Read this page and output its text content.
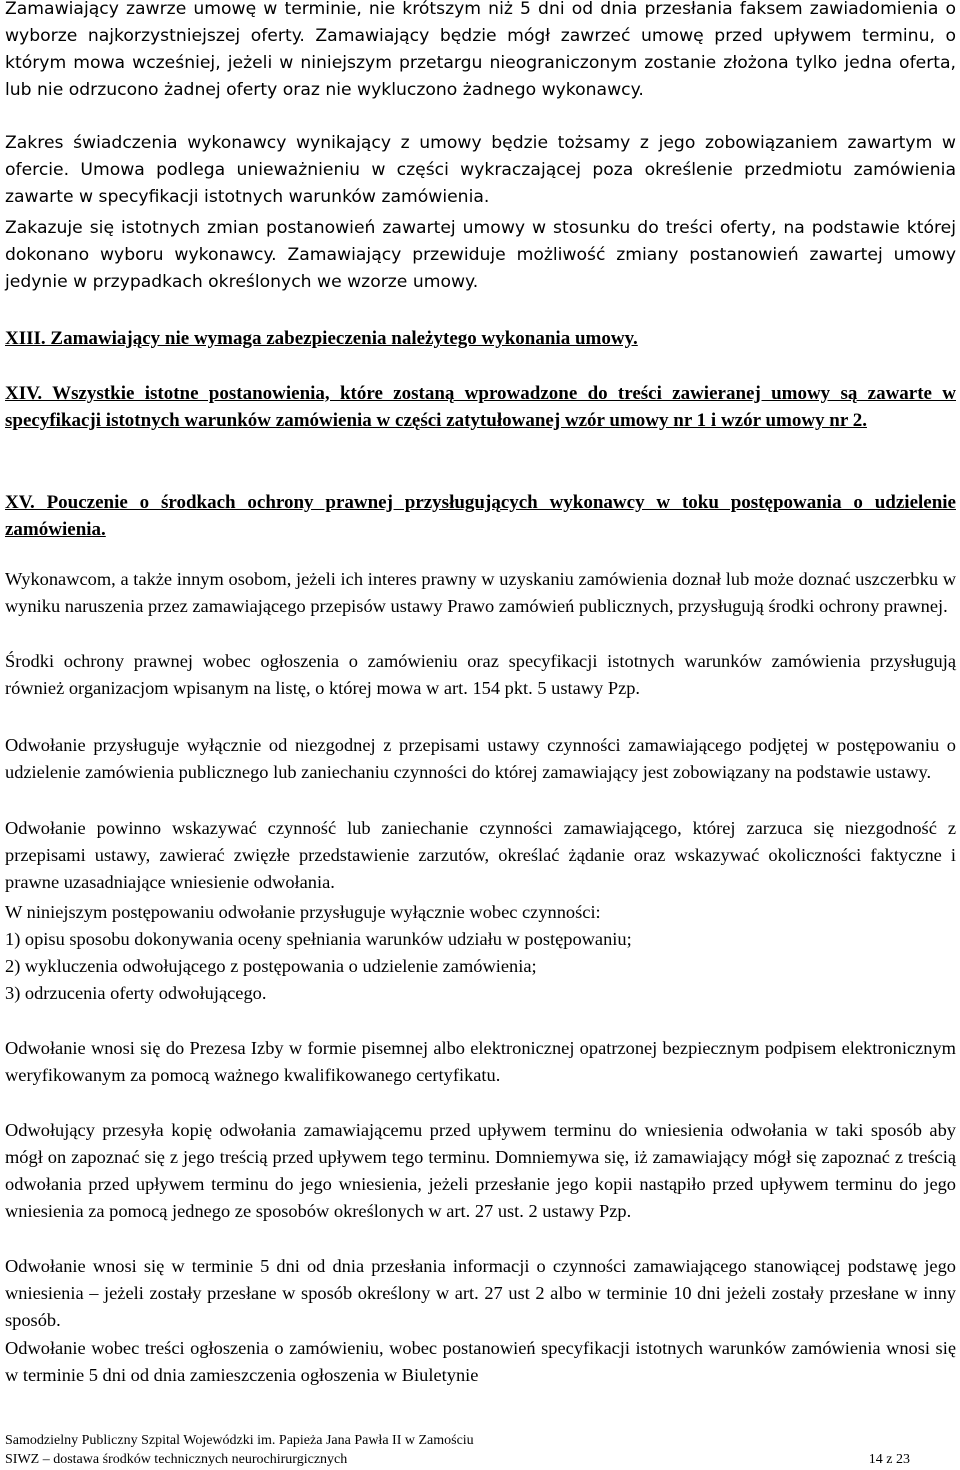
Zamawiający zawrze umowę w terminie, nie krótszym niż 5 dni od dnia przesłania faksem zawiadomienia o wyborze najkorzystniejszej oferty. Zamawiający będzie mógł zawrzeć umowę przed upływem terminu, o którym mowa wcześniej, jeżeli w niniejszym przetargu nieograniczonym zostanie złożona tylko jedna oferta, lub nie odrzucono żadnej oferty oraz nie wykluczono żadnego wykonawcy.

Zakres świadczenia wykonawcy wynikający z umowy będzie tożsamy z jego zobowiązaniem zawartym w ofercie. Umowa podlega unieważnieniu w części wykraczającej poza określenie przedmiotu zamówienia zawarte w specyfikacji istotnych warunków zamówienia.

Zakazuje się istotnych zmian postanowień zawartej umowy w stosunku do treści oferty, na podstawie której dokonano wyboru wykonawcy. Zamawiający przewiduje możliwość zmiany postanowień zawartej umowy jedynie w przypadkach określonych we wzorze umowy.

XIII. Zamawiający nie wymaga zabezpieczenia należytego wykonania umowy.

XIV. Wszystkie istotne postanowienia, które zostaną wprowadzone do treści zawieranej umowy są zawarte w specyfikacji istotnych warunków zamówienia w części zatytułowanej wzór umowy nr 1 i wzór umowy nr 2.

XV. Pouczenie o środkach ochrony prawnej przysługujących wykonawcy w toku postępowania o udzielenie zamówienia.

Wykonawcom, a także innym osobom, jeżeli ich interes prawny w uzyskaniu zamówienia doznał lub może doznać uszczerbku w wyniku naruszenia przez zamawiającego przepisów ustawy Prawo zamówień publicznych, przysługują środki ochrony prawnej.

Środki ochrony prawnej wobec ogłoszenia o zamówieniu oraz specyfikacji istotnych warunków zamówienia przysługują również organizacjom wpisanym na listę, o której mowa w art. 154 pkt. 5 ustawy Pzp.

Odwołanie przysługuje wyłącznie od niezgodnej z przepisami ustawy czynności zamawiającego podjętej w postępowaniu o udzielenie zamówienia publicznego lub zaniechaniu czynności do której zamawiający jest zobowiązany na podstawie ustawy.

Odwołanie powinno wskazywać czynność lub zaniechanie czynności zamawiającego, której zarzuca się niezgodność z przepisami ustawy, zawierać zwięzłe przedstawienie zarzutów, określać żądanie oraz wskazywać okoliczności faktyczne i prawne uzasadniające wniesienie odwołania.

W niniejszym postępowaniu odwołanie przysługuje wyłącznie wobec czynności:

1) opisu sposobu dokonywania oceny spełniania warunków udziału w postępowaniu;

2) wykluczenia odwołującego z postępowania o udzielenie zamówienia;

3) odrzucenia oferty odwołującego.

Odwołanie wnosi się do Prezesa Izby w formie pisemnej albo elektronicznej opatrzonej bezpiecznym podpisem elektronicznym weryfikowanym za pomocą ważnego kwalifikowanego certyfikatu.

Odwołujący przesyła kopię odwołania zamawiającemu przed upływem terminu do wniesienia odwołania w taki sposób aby mógł on zapoznać się z jego treścią przed upływem tego terminu. Domniemywa się, iż zamawiający mógł się zapoznać z treścią odwołania przed upływem terminu do jego wniesienia, jeżeli przesłanie jego kopii nastąpiło przed upływem terminu do jego wniesienia za pomocą jednego ze sposobów określonych w art. 27 ust. 2 ustawy Pzp.

Odwołanie wnosi się w terminie 5 dni od dnia przesłania informacji o czynności zamawiającego stanowiącej podstawę jego wniesienia – jeżeli zostały przesłane w sposób określony w art. 27 ust 2 albo w terminie 10 dni jeżeli zostały przesłane w inny sposób.

Odwołanie wobec treści ogłoszenia o zamówieniu, wobec postanowień specyfikacji istotnych warunków zamówienia wnosi się w terminie 5 dni od dnia zamieszczenia ogłoszenia w Biuletynie

Samodzielny Publiczny Szpital Wojewódzki im. Papieża Jana Pawła II w Zamościu
SIWZ – dostawa środków technicznych neurochirurgicznych	14 z 23
